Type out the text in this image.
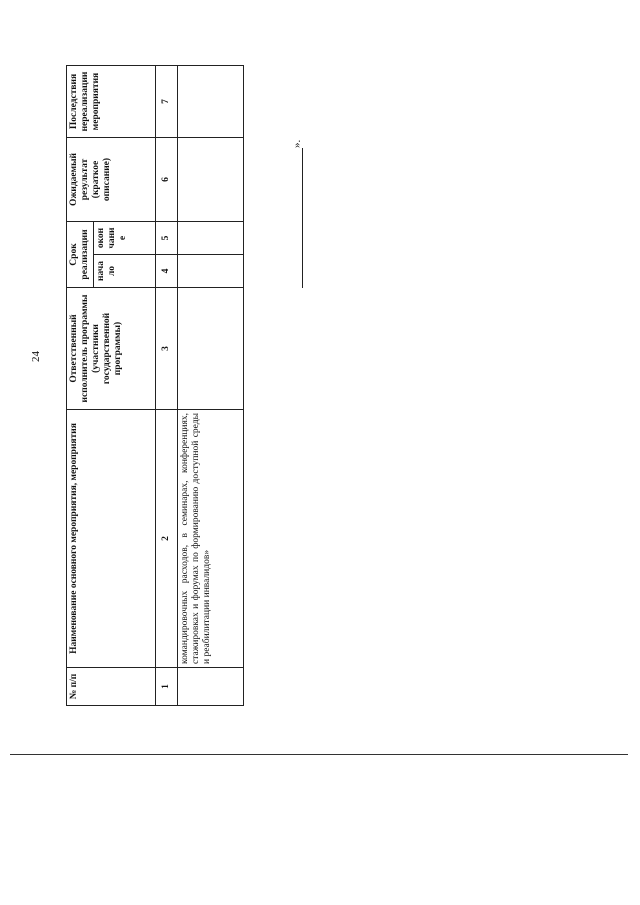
24
№ п/п	Наименование основного мероприятия, мероприятия	Ответственный исполнитель программы (участники государственной программы)	Срок реализации		Ожидаемый результат (краткое описание)	Последствия нереализации мероприятия
			нача ло	окон чани е		
1	2	3	4	5	6	7
	командировочных расходов, в семинарах, конференциях, стажировках и форумах по формированию доступной среды и реабилитации инвалидов»					
».
